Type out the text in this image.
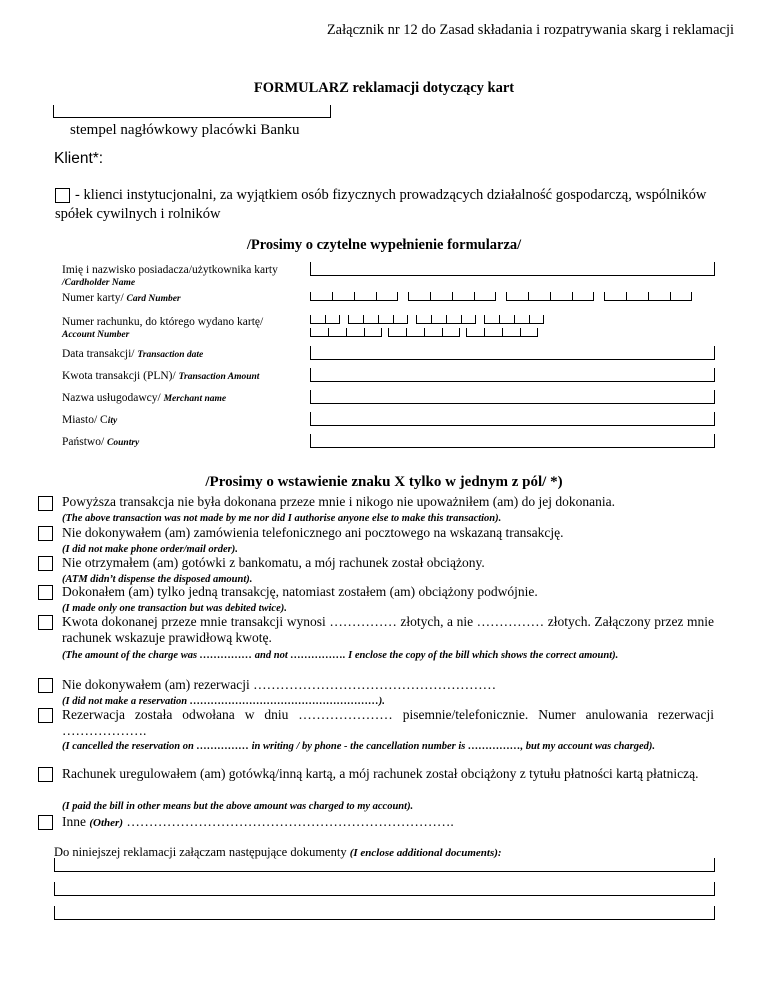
Załącznik nr 12 do Zasad składania i rozpatrywania skarg i reklamacji
FORMULARZ reklamacji dotyczący kart
stempel nagłówkowy placówki Banku
Klient*:
- klienci instytucjonalni, za wyjątkiem osób fizycznych prowadzących działalność gospodarczą, wspólników spółek cywilnych i rolników
/Prosimy o czytelne wypełnienie formularza/
Imię i nazwisko posiadacza/użytkownika karty
/Cardholder Name
Numer karty/ Card Number
Numer rachunku, do którego wydano kartę/
Account Number
Data transakcji/ Transaction date
Kwota transakcji (PLN)/ Transaction Amount
Nazwa usługodawcy/ Merchant name
Miasto/ City
Państwo/ Country
/Prosimy o wstawienie znaku X tylko w jednym z pól/ *)
Powyższa transakcja nie była dokonana przeze mnie i nikogo nie upoważniłem (am) do jej dokonania.
(The above transaction was not made by me nor did I authorise anyone else to make this transaction).
Nie dokonywałem (am) zamówienia telefonicznego ani pocztowego na wskazaną transakcję.
(I did not make phone order/mail order).
Nie otrzymałem (am) gotówki z bankomatu, a mój rachunek został obciążony.
(ATM didn’t dispense the disposed amount).
Dokonałem (am) tylko jedną transakcję, natomiast zostałem (am) obciążony podwójnie.
(I made only one transaction but was debited twice).
Kwota dokonanej przeze mnie transakcji wynosi …………… złotych, a nie …………… złotych. Załączony przez mnie rachunek wskazuje prawidłową kwotę.
(The amount of the charge was …………… and not ……………. I enclose the copy of the bill which shows the correct amount).
Nie dokonywałem (am) rezerwacji ………………………………………………
(I did not make a reservation ………………………………………………).
Rezerwacja została odwołana w dniu ………………… pisemnie/telefonicznie. Numer anulowania rezerwacji ……………….
(I cancelled the reservation on …………… in writing / by phone - the cancellation number is ……………, but my account was charged).
Rachunek uregulowałem (am) gotówką/inną kartą, a mój rachunek został obciążony z tytułu płatności kartą płatniczą.
(I paid the bill in other means but the above amount was charged to my account).
Inne (Other) ……………………………………………………………….
Do niniejszej reklamacji załączam następujące dokumenty (I enclose additional documents):
